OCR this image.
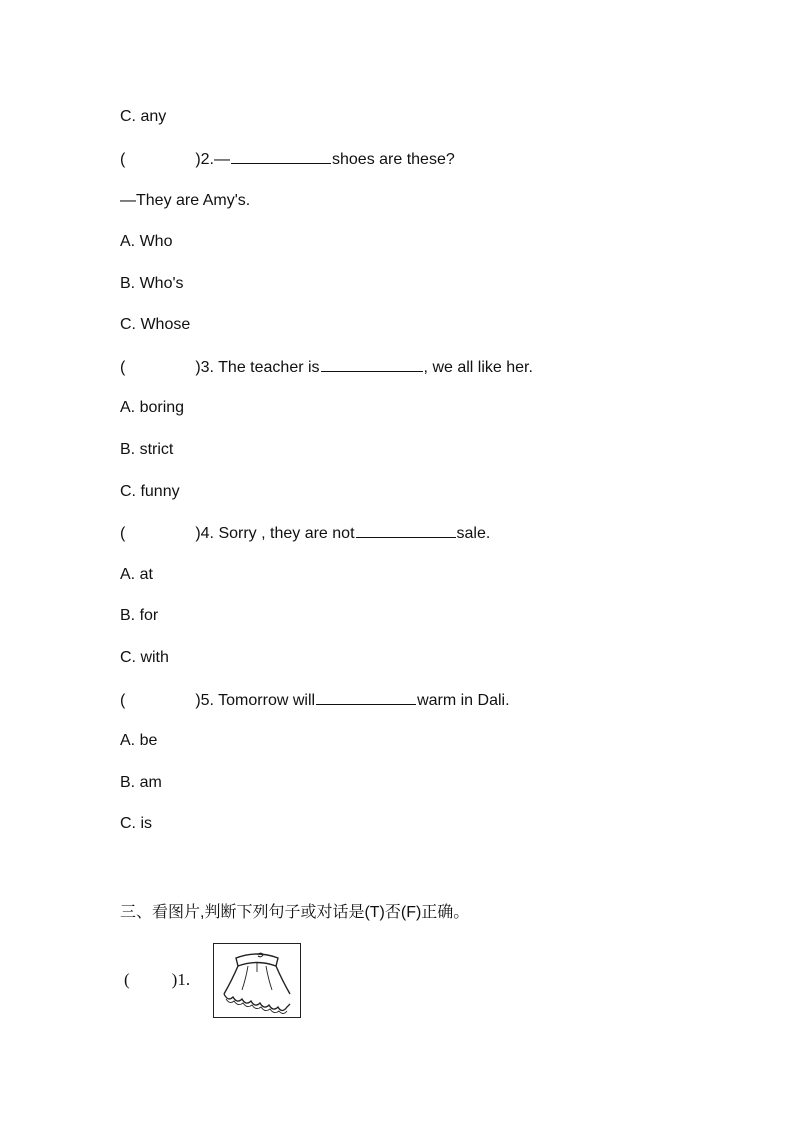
C. any
(	)2.—	shoes are these?
—They are Amy's.
A. Who
B. Who's
C. Whose
(	)3. The teacher is	, we all like her.
A. boring
B. strict
C. funny
(	)4. Sorry , they are not	sale.
A. at
B. for
C. with
(	)5. Tomorrow will	warm in Dali.
A. be
B. am
C. is
三、看图片,判断下列句子或对话是(T)否(F)正确。
( )1.
